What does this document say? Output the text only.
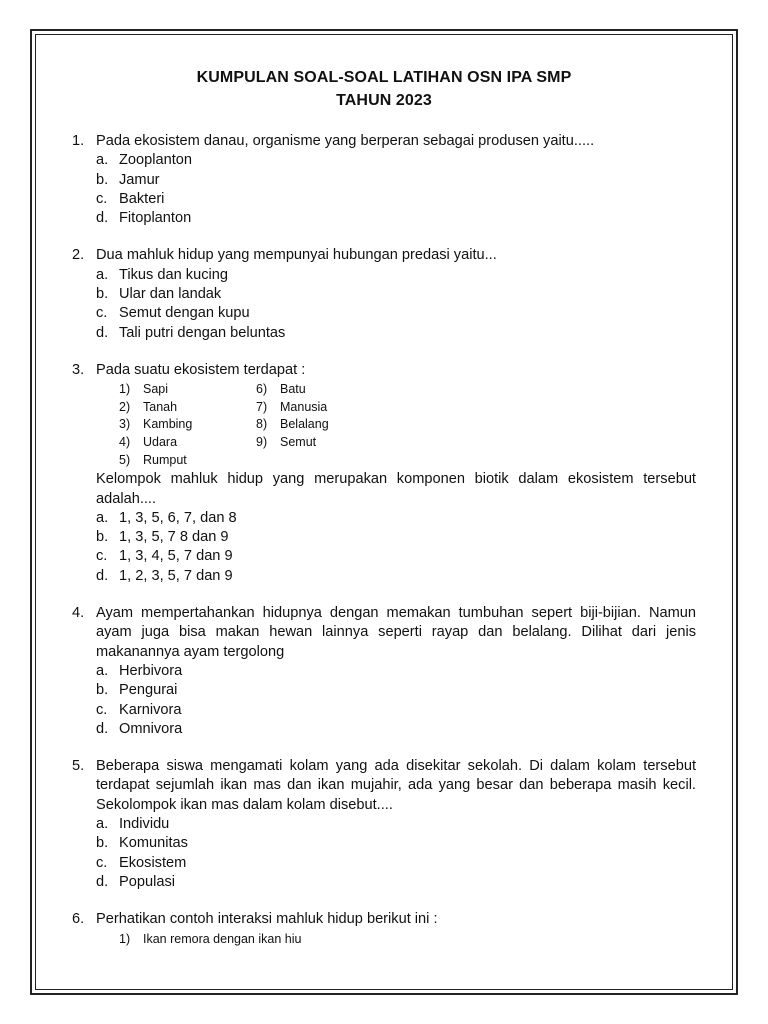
KUMPULAN SOAL-SOAL LATIHAN OSN IPA SMP
TAHUN 2023
1. Pada ekosistem danau, organisme yang berperan sebagai produsen yaitu.....
a. Zooplanton
b. Jamur
c. Bakteri
d. Fitoplanton
2. Dua mahluk hidup yang mempunyai hubungan predasi yaitu...
a. Tikus dan kucing
b. Ular dan landak
c. Semut dengan kupu
d. Tali putri dengan beluntas
3. Pada suatu ekosistem terdapat :
1)	Sapi	6)	Batu
2)	Tanah	7)	Manusia
3)	Kambing	8)	Belalang
4)	Udara	9)	Semut
5)	Rumput
Kelompok mahluk hidup yang merupakan komponen biotik dalam ekosistem tersebut adalah....
a. 1, 3, 5, 6, 7, dan 8
b. 1, 3, 5, 7 8 dan 9
c. 1, 3, 4, 5, 7 dan 9
d. 1, 2, 3, 5, 7 dan 9
4. Ayam mempertahankan hidupnya dengan memakan tumbuhan sepert biji-bijian. Namun ayam juga bisa makan hewan lainnya seperti rayap dan belalang. Dilihat dari jenis makanannya ayam tergolong
a. Herbivora
b. Pengurai
c. Karnivora
d. Omnivora
5. Beberapa siswa mengamati kolam yang ada disekitar sekolah. Di dalam kolam tersebut terdapat sejumlah ikan mas dan ikan mujahir, ada yang besar dan beberapa masih kecil. Sekolompok ikan mas dalam kolam disebut....
a. Individu
b. Komunitas
c. Ekosistem
d. Populasi
6. Perhatikan contoh interaksi mahluk hidup berikut ini :
1)	Ikan remora dengan ikan hiu
